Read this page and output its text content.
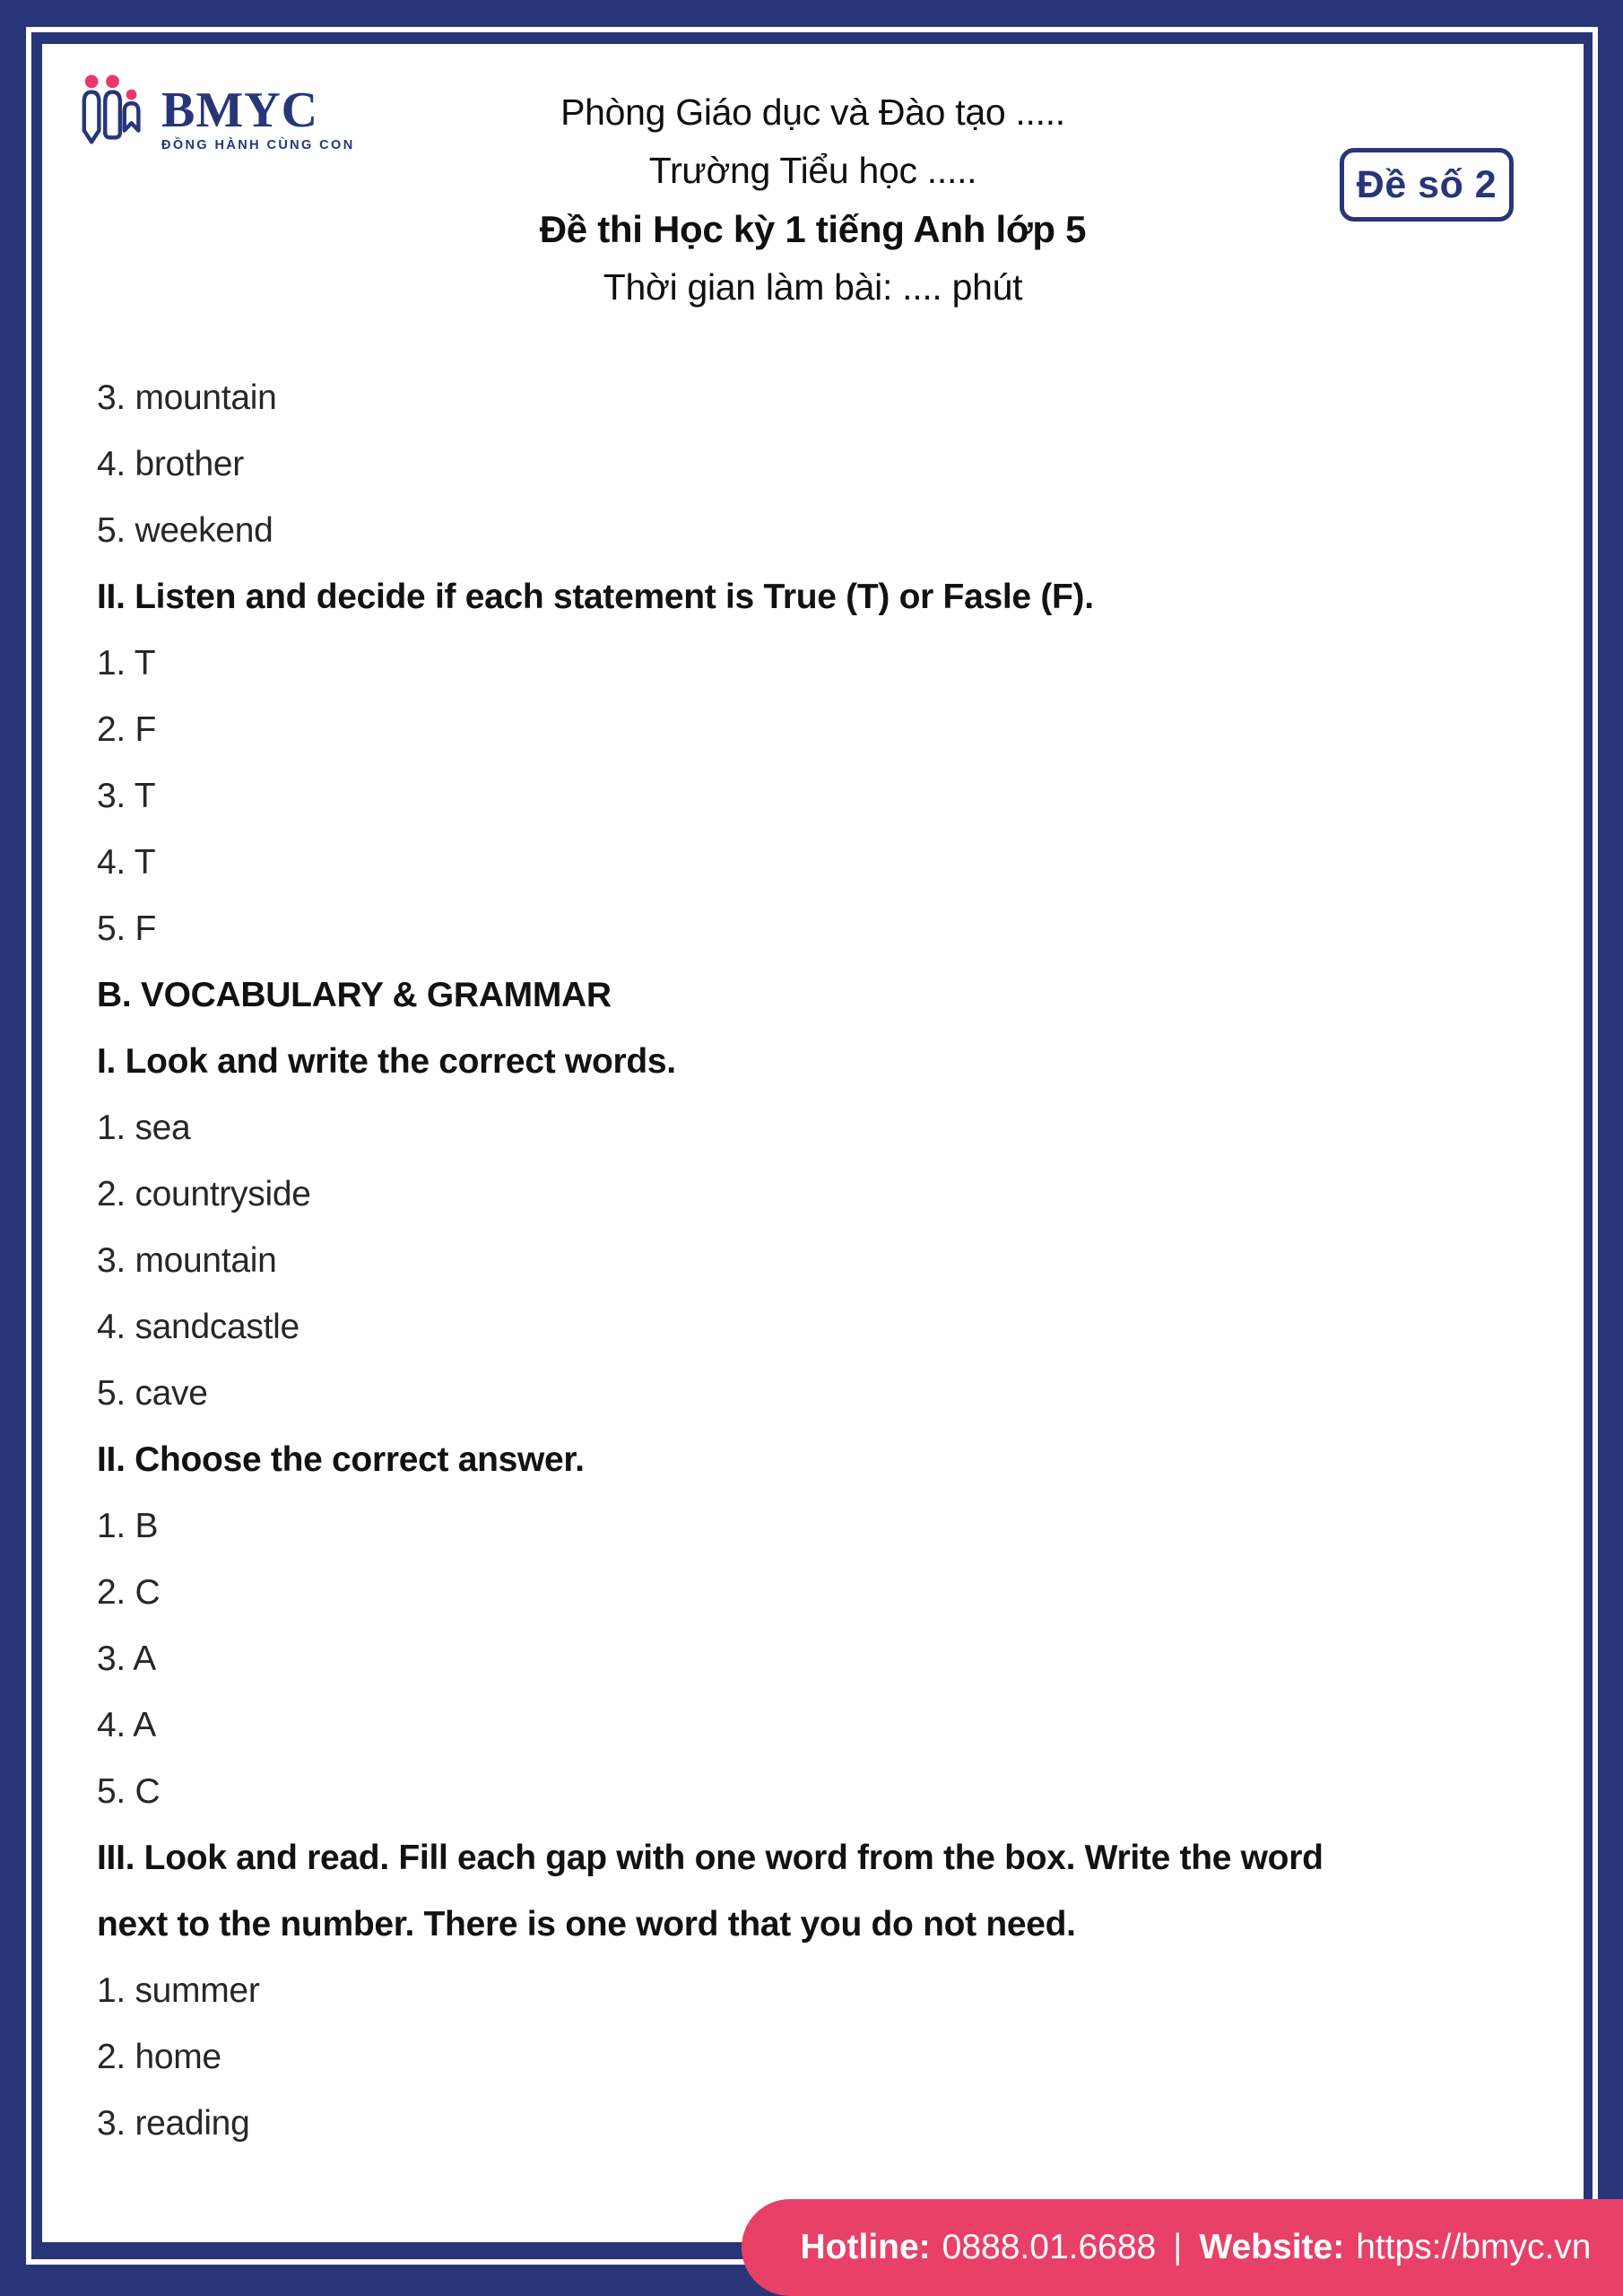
BMYC
ĐỒNG HÀNH CÙNG CON
Phòng Giáo dục và Đào tạo .....
Trường Tiểu học .....
Đề thi Học kỳ 1 tiếng Anh lớp 5
Thời gian làm bài: .... phút
Đề số 2
3. mountain
4. brother
5. weekend
II. Listen and decide if each statement is True (T) or Fasle (F).
1. T
2. F
3. T
4. T
5. F
B. VOCABULARY & GRAMMAR
I. Look and write the correct words.
1. sea
2. countryside
3. mountain
4. sandcastle
5. cave
II. Choose the correct answer.
1. B
2. C
3. A
4. A
5. C
III. Look and read. Fill each gap with one word from the box. Write the word
next to the number. There is one word that you do not need.
1. summer
2. home
3. reading
Hotline: 0888.01.6688 | Website: https://bmyc.vn
